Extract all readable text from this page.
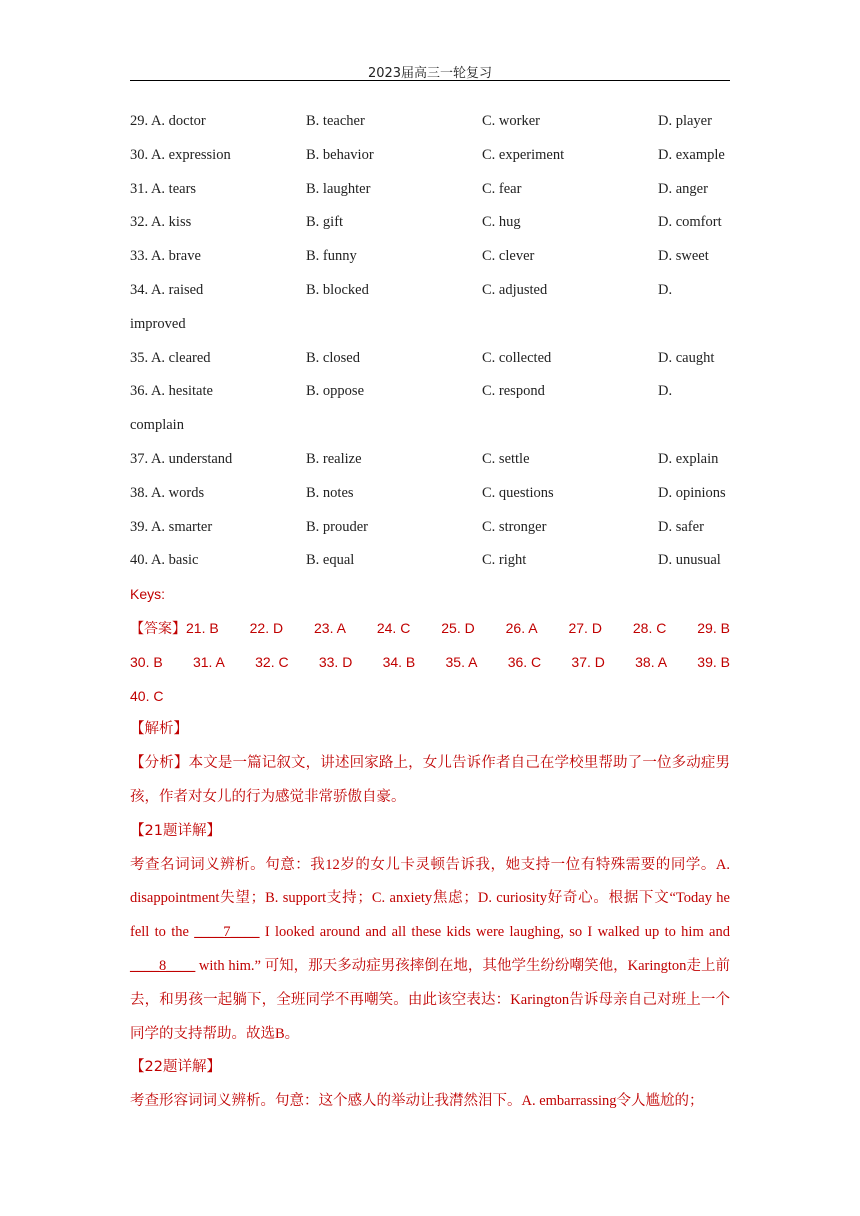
2023届高三一轮复习
29. A. doctor	B. teacher	C. worker	D. player
30. A. expression	B. behavior	C. experiment	D. example
31. A. tears	B. laughter	C. fear	D. anger
32. A. kiss	B. gift	C. hug	D. comfort
33. A. brave	B. funny	C. clever	D. sweet
34. A. raised	B. blocked	C. adjusted	D.
improved
35. A. cleared	B. closed	C. collected	D. caught
36. A. hesitate	B. oppose	C. respond	D.
complain
37. A. understand	B. realize	C. settle	D. explain
38. A. words	B. notes	C. questions	D. opinions
39. A. smarter	B. prouder	C. stronger	D. safer
40. A. basic	B. equal	C. right	D. unusual
Keys:
【答案】21. B 22. D 23. A 24. C 25. D 26. A 27. D 28. C 29. B
30. B 31. A 32. C 33. D 34. B 35. A 36. C 37. D 38. A 39. B
40. C
【解析】
【分析】本文是一篇记叙文，讲述回家路上，女儿告诉作者自己在学校里帮助了一位多动症男孩，作者对女儿的行为感觉非常骄傲自豪。
【21题详解】
考查名词词义辨析。句意：我12岁的女儿卡灵顿告诉我，她支持一位有特殊需要的同学。A. disappointment失望；B. support支持；C. anxiety焦虑；D. curiosity好奇心。根据下文“Today he fell to the ____7____ I looked around and all these kids were laughing, so I walked up to him and ____8____ with him.” 可知，那天多动症男孩摔倒在地，其他学生纷纷嘲笑他，Karington走上前去，和男孩一起躺下，全班同学不再嘲笑。由此该空表达：Karington告诉母亲自己对班上一个同学的支持帮助。故选B。
【22题详解】
考查形容词词义辨析。句意：这个感人的举动让我潸然泪下。A. embarrassing令人尴尬的；
